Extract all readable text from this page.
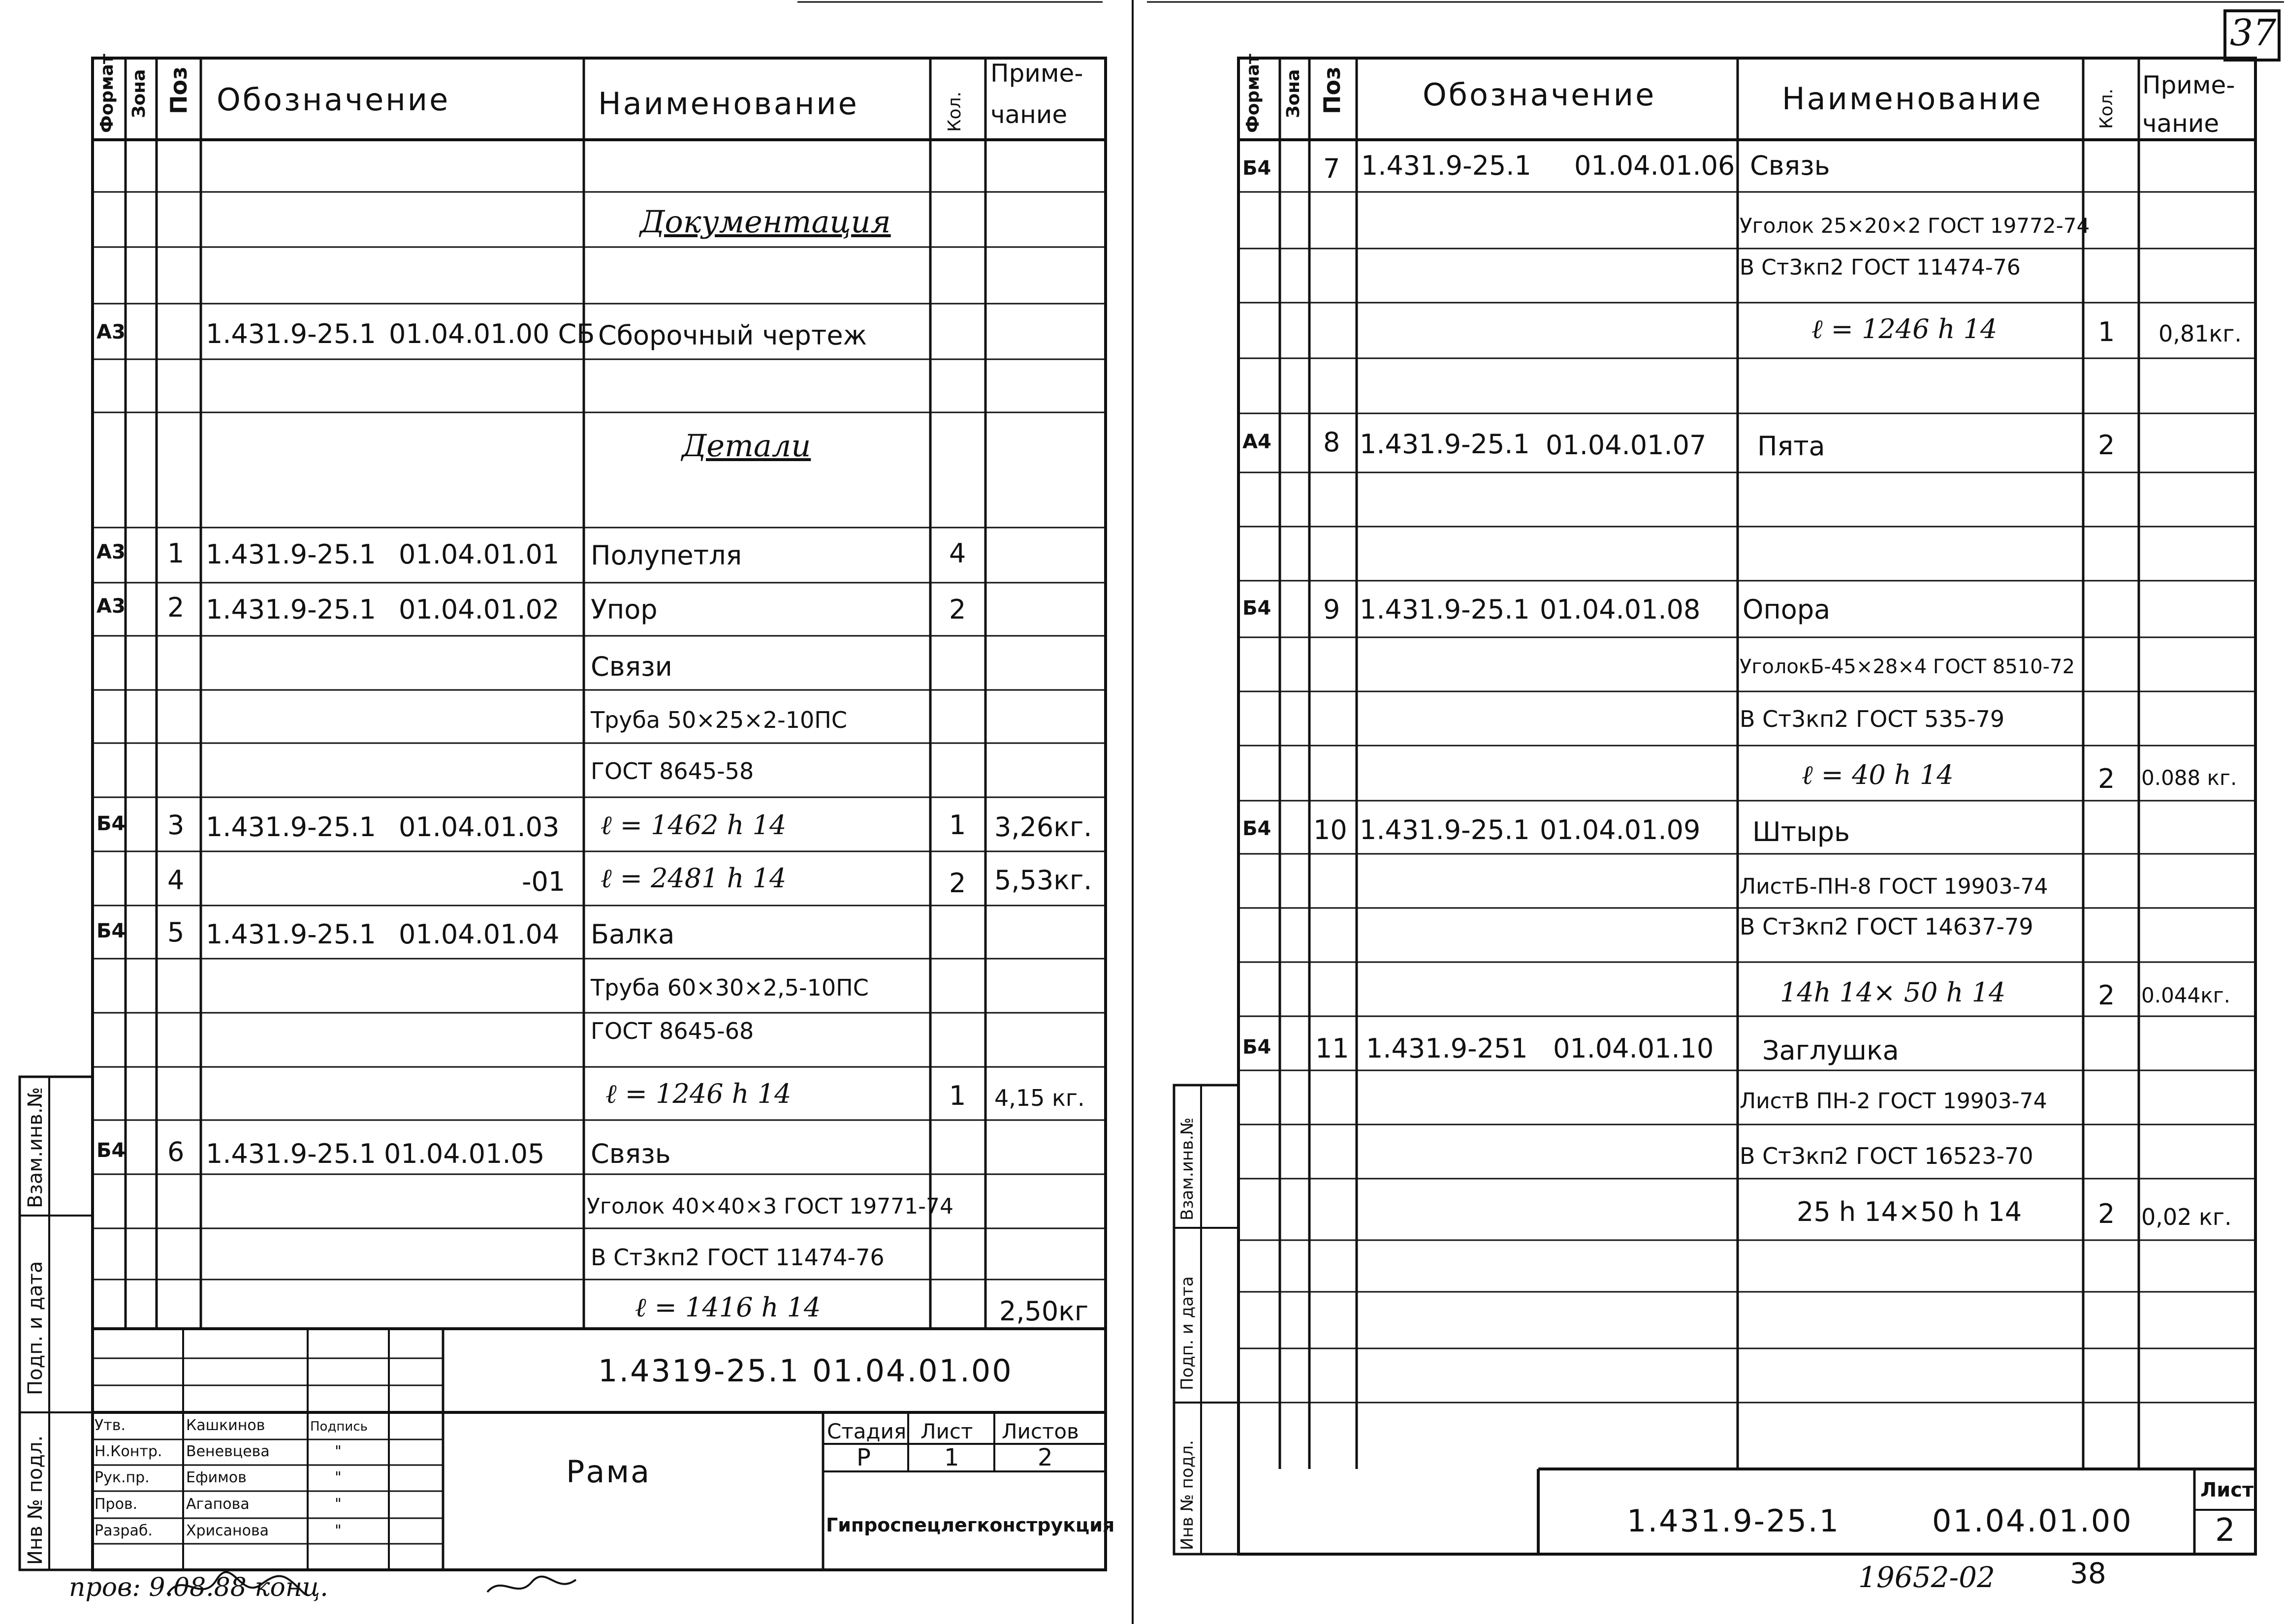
37
Формат Зона Поз Обозначение	Наименование	Кол.
Приме-
чание
Документация
А3	1.431.9-25.1 01.04.01.00 СБ Сборочный чертеж
Детали
А3 1 1.431.9-25.1 01.04.01.01 Полупетля	4
А3 2 1.431.9-25.1 01.04.01.02 Упор	2
Связи
Труба 50×25×2-10ПС
ГОСТ 8645-58
Б4 3 1.431.9-25.1 01.04.01.03 ℓ = 1462 h 14	1 3,26кг.
4	-01 ℓ = 2481 h 14	2 5,53кг.
Б4 5 1.431.9-25.1 01.04.01.04 Балка
Труба 60×30×2,5-10ПС
ГОСТ 8645-68
ℓ = 1246 h 14	1 4,15 кг.
Б4 6 1.431.9-25.1 01.04.01.05 Связь
Уголок 40×40×3 ГОСТ 19771-74
В Ст3кп2 ГОСТ 11474-76
ℓ = 1416 h 14	2,50кг
1.4319-25.1 01.04.01.00
Рама
Стадия Лист Листов
Р	1	2
Гипроспецлегконструкция
Утв.	Кашкинов	Подпись
Н.Контр. Веневцева	"
Рук.пр. Ефимов	"
Пров.	Агапова	"
Разраб. Хрисанова	"
Инв № подл.
Подп. и дата
Взам.инв.№
пров: 9.08.88 конц.
Формат Зона Поз	Обозначение	Наименование	Кол.
Приме-
чание
Б4 7 1.431.9-25.1 01.04.01.06 Связь
Уголок 25×20×2 ГОСТ 19772-74
В Ст3кп2 ГОСТ 11474-76
ℓ = 1246 h 14	1 0,81кг.
А4 8 1.431.9-25.1 01.04.01.07 Пята	2
Б4 9 1.431.9-25.1 01.04.01.08 Опора
УголокБ-45×28×4 ГОСТ 8510-72
В Ст3кп2 ГОСТ 535-79
ℓ = 40 h 14	2 0.088 кг.
Б4 10 1.431.9-25.1 01.04.01.09 Штырь
ЛистБ-ПН-8 ГОСТ 19903-74
В Ст3кп2 ГОСТ 14637-79
14h 14× 50 h 14	2 0.044кг.
Б4 11 1.431.9-251 01.04.01.10 Заглушка
ЛистВ ПН-2 ГОСТ 19903-74
В Ст3кп2 ГОСТ 16523-70
25 h 14×50 h 14	2 0,02 кг.
1.431.9-25.1	01.04.01.00
Лист
2
Инв № подл.
Подп. и дата
Взам.инв.№
19652-02	38
